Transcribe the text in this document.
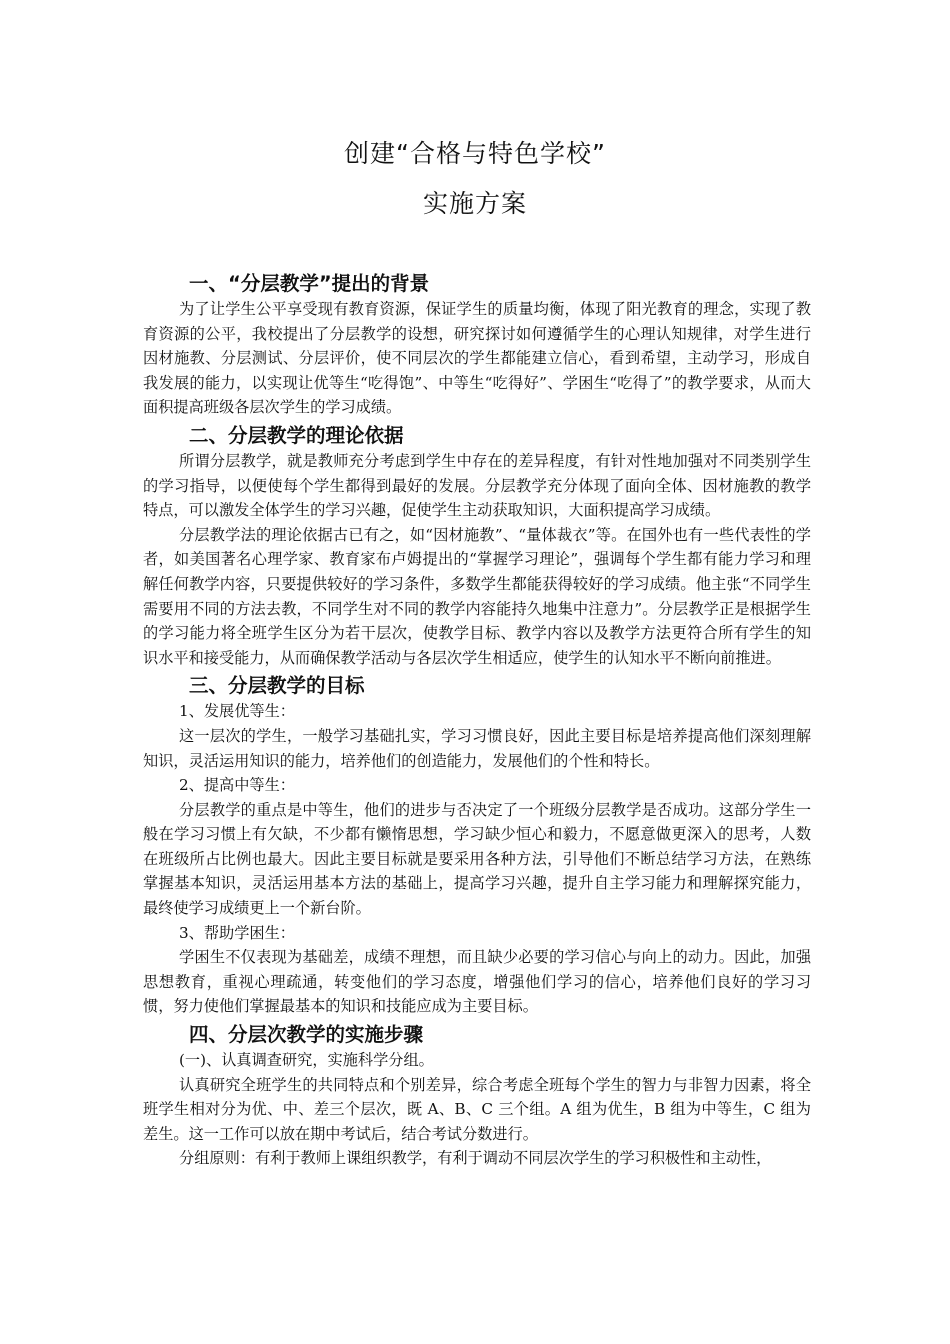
创建“合格与特色学校”
实施方案
一、“分层教学”提出的背景

为了让学生公平享受现有教育资源，保证学生的质量均衡，体现了阳光教育的理念，实现了教育资源的公平，我校提出了分层教学的设想，研究探讨如何遵循学生的心理认知规律，对学生进行因材施教、分层测试、分层评价，使不同层次的学生都能建立信心，看到希望，主动学习，形成自我发展的能力，以实现让优等生“吃得饱”、中等生“吃得好”、学困生“吃得了”的教学要求，从而大面积提高班级各层次学生的学习成绩。

二、分层教学的理论依据

所谓分层教学，就是教师充分考虑到学生中存在的差异程度，有针对性地加强对不同类别学生的学习指导，以便使每个学生都得到最好的发展。分层教学充分体现了面向全体、因材施教的教学特点，可以激发全体学生的学习兴趣，促使学生主动获取知识，大面积提高学习成绩。

分层教学法的理论依据古已有之，如“因材施教”、“量体裁衣”等。在国外也有一些代表性的学者，如美国著名心理学家、教育家布卢姆提出的“掌握学习理论”，强调每个学生都有能力学习和理解任何教学内容，只要提供较好的学习条件，多数学生都能获得较好的学习成绩。他主张“不同学生需要用不同的方法去教，不同学生对不同的教学内容能持久地集中注意力”。分层教学正是根据学生的学习能力将全班学生区分为若干层次，使教学目标、教学内容以及教学方法更符合所有学生的知识水平和接受能力，从而确保教学活动与各层次学生相适应，使学生的认知水平不断向前推进。

三、分层教学的目标

1、发展优等生：

这一层次的学生，一般学习基础扎实，学习习惯良好，因此主要目标是培养提高他们深刻理解知识，灵活运用知识的能力，培养他们的创造能力，发展他们的个性和特长。

2、提高中等生：

分层教学的重点是中等生，他们的进步与否决定了一个班级分层教学是否成功。这部分学生一般在学习习惯上有欠缺，不少都有懒惰思想，学习缺少恒心和毅力，不愿意做更深入的思考，人数在班级所占比例也最大。因此主要目标就是要采用各种方法，引导他们不断总结学习方法，在熟练掌握基本知识，灵活运用基本方法的基础上，提高学习兴趣，提升自主学习能力和理解探究能力，最终使学习成绩更上一个新台阶。

3、帮助学困生：

学困生不仅表现为基础差，成绩不理想，而且缺少必要的学习信心与向上的动力。因此，加强思想教育，重视心理疏通，转变他们的学习态度，增强他们学习的信心，培养他们良好的学习习惯，努力使他们掌握最基本的知识和技能应成为主要目标。

四、分层次教学的实施步骤

(一)、认真调查研究，实施科学分组。

认真研究全班学生的共同特点和个别差异，综合考虑全班每个学生的智力与非智力因素，将全班学生相对分为优、中、差三个层次，既 A、B、C 三个组。A 组为优生，B 组为中等生，C 组为差生。这一工作可以放在期中考试后，结合考试分数进行。

分组原则：有利于教师上课组织教学，有利于调动不同层次学生的学习积极性和主动性，
